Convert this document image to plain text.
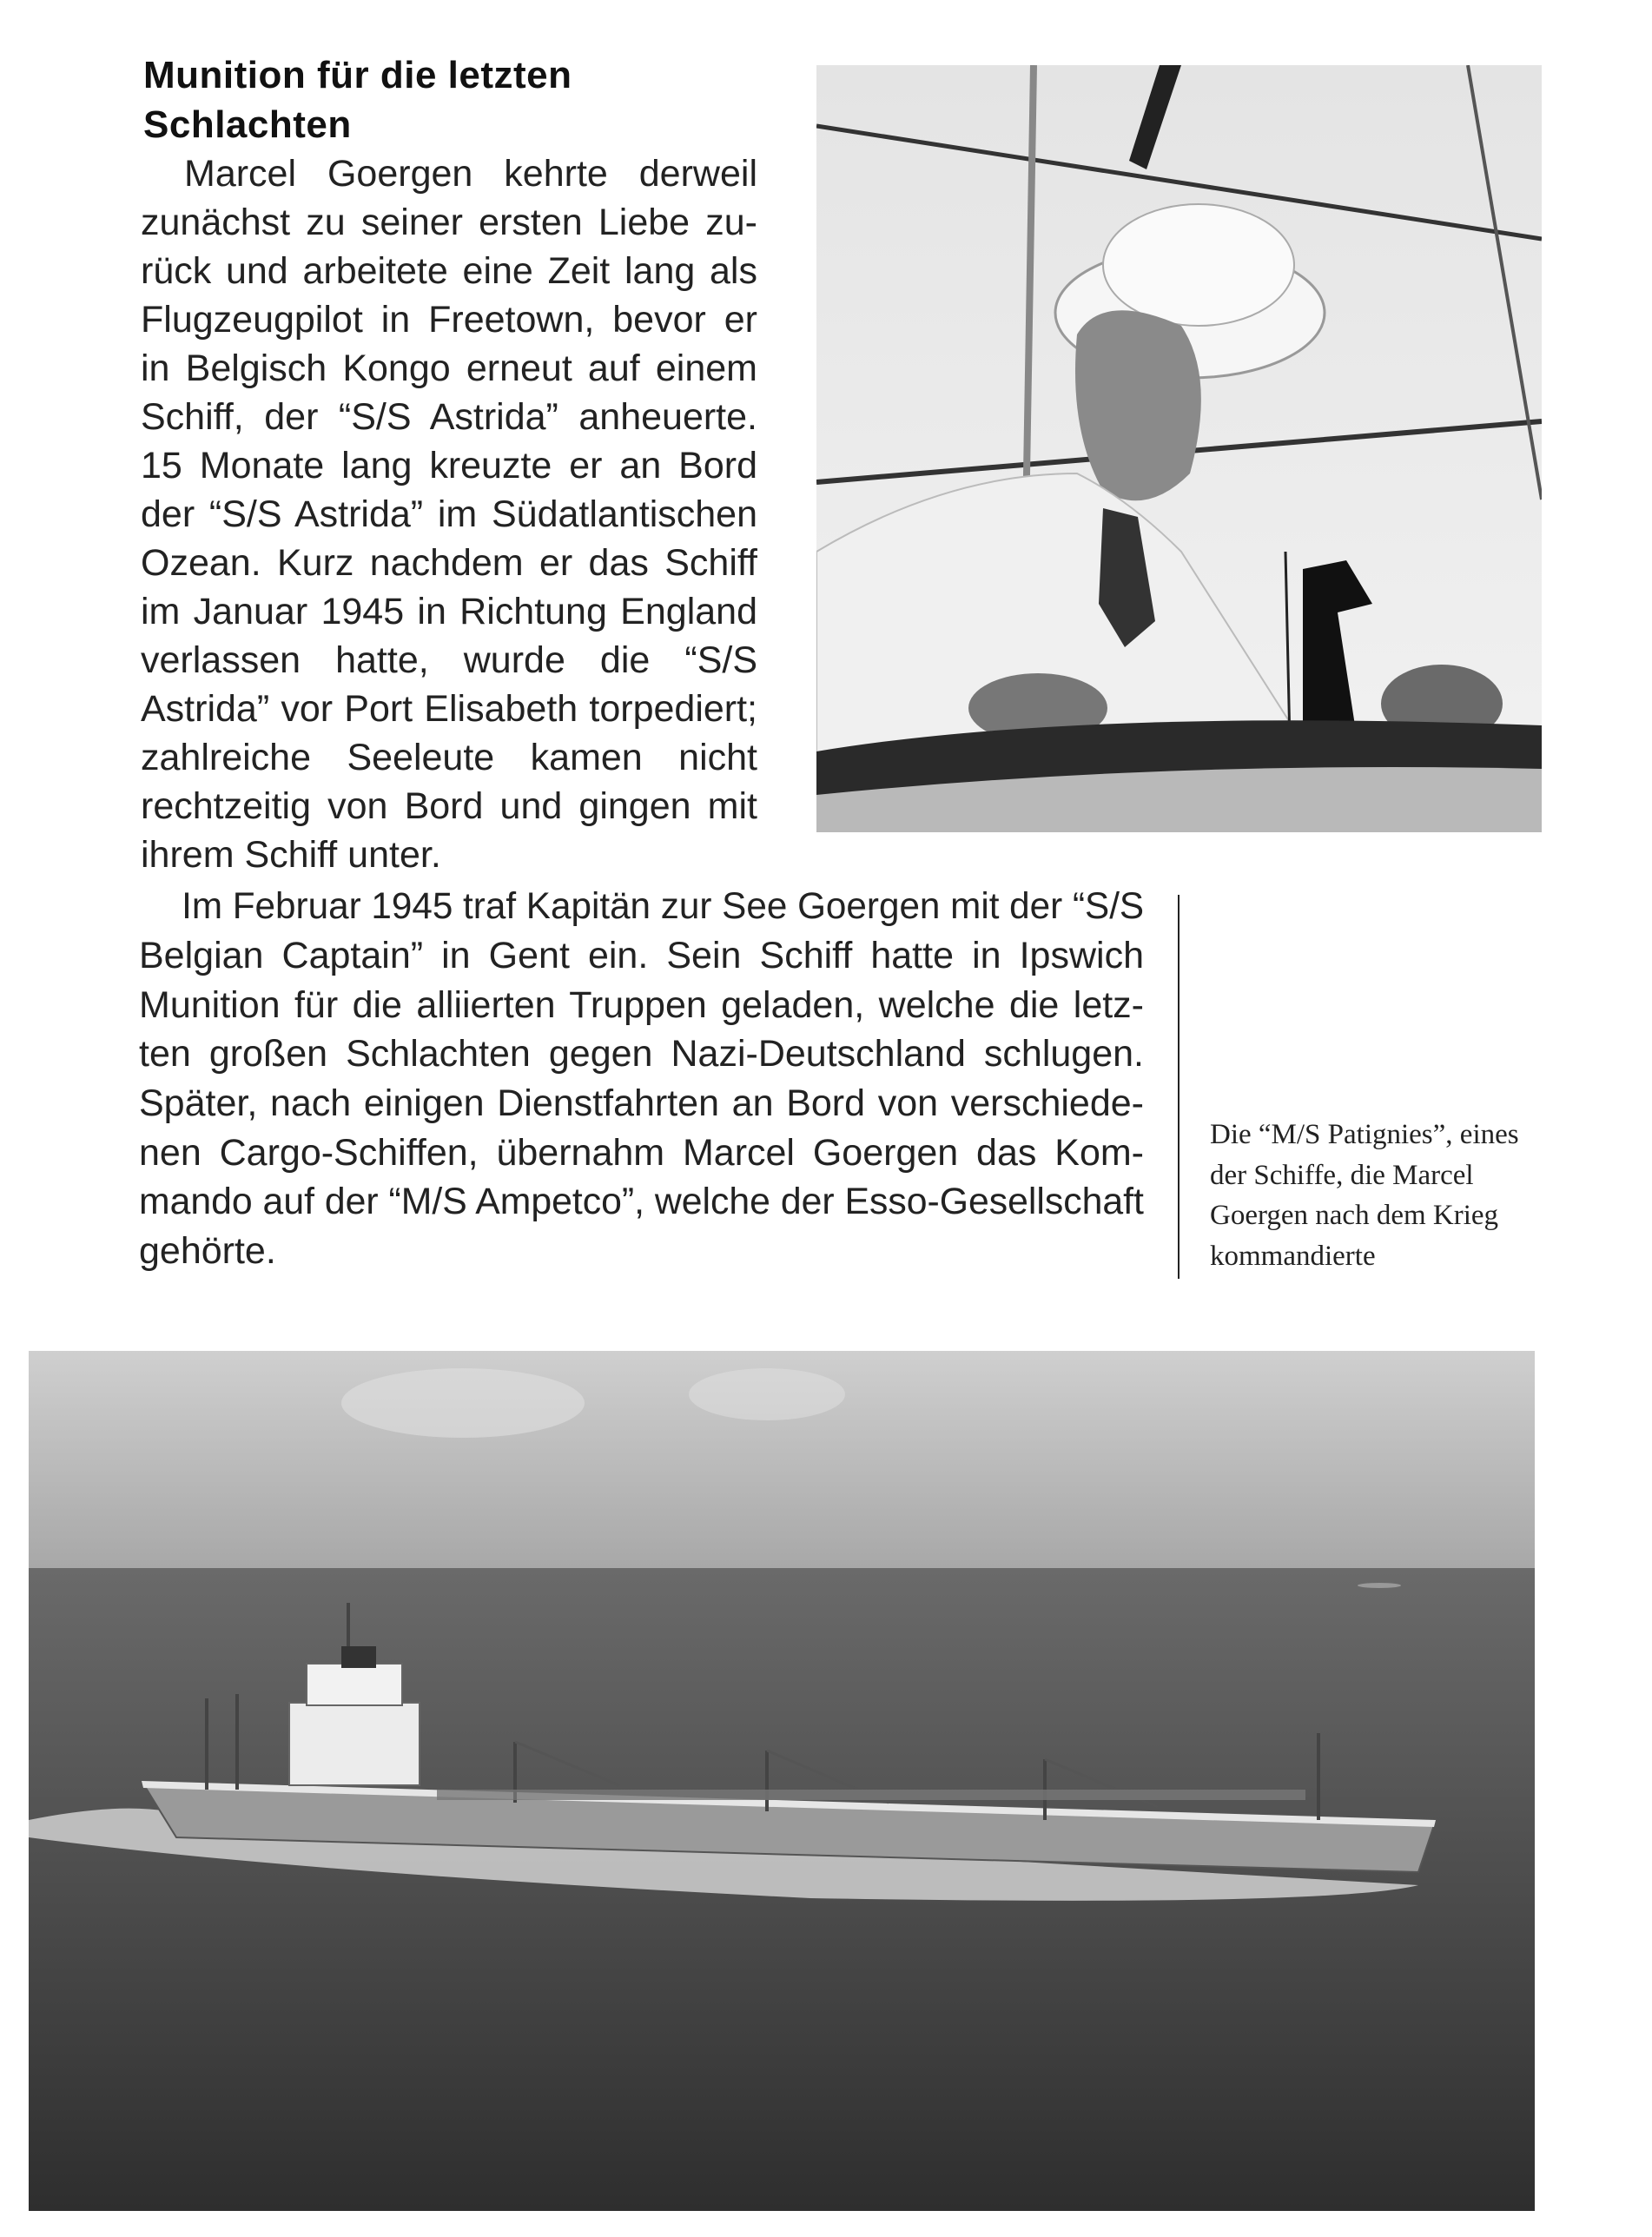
Munition für die letzten
Schlachten
Marcel Goergen kehrte derweil
zunächst zu seiner ersten Liebe zu-
rück und arbeitete eine Zeit lang als
Flugzeugpilot in Freetown, bevor er
in Belgisch Kongo erneut auf einem
Schiff, der “S/S Astrida” anheuerte.
15 Monate lang kreuzte er an Bord
der “S/S Astrida” im Südatlantischen
Ozean. Kurz nachdem er das Schiff
im Januar 1945 in Richtung England
verlassen hatte, wurde die “S/S
Astrida” vor Port Elisabeth torpediert;
zahlreiche Seeleute kamen nicht
rechtzeitig von Bord und gingen mit
ihrem Schiff unter.
Im Februar 1945 traf Kapitän zur See Goergen mit der “S/S
Belgian Captain” in Gent ein. Sein Schiff hatte in Ipswich
Munition für die alliierten Truppen geladen, welche die letz-
ten großen Schlachten gegen Nazi-Deutschland schlugen.
Später, nach einigen Dienstfahrten an Bord von verschiede-
nen Cargo-Schiffen, übernahm Marcel Goergen das Kom-
mando auf der “M/S Ampetco”, welche der Esso-Gesellschaft
gehörte.
Die “M/S Patignies”, eines
der Schiffe, die Marcel
Goergen nach dem Krieg
kommandierte
